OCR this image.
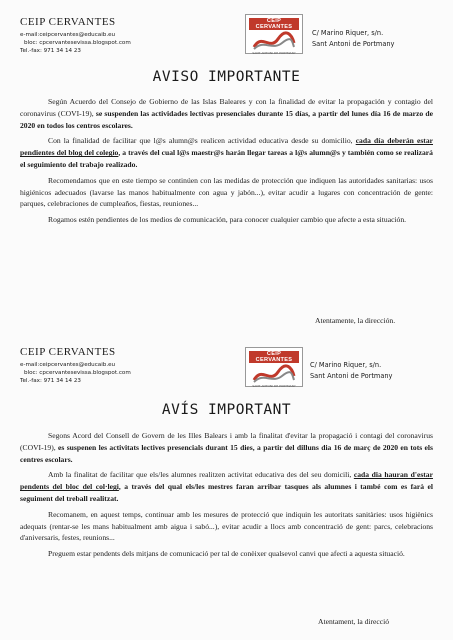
CEIP CERVANTES
e-mail:ceipcervantes@educaib.eu
bloc: cpcervantesevissa.blogspot.com
Tel.-fax: 971 34 14 23
CEIP CERVANTES
SANT ANTONI DE PORTMANY
C/ Marino Riquer, s/n.
Sant Antoni de Portmany
AVISO IMPORTANTE

Según Acuerdo del Consejo de Gobierno de las Islas Baleares y con la finalidad de evitar la propagación y contagio del coronavirus (COVI-19), se suspenden las actividades lectivas presenciales durante 15 días, a partir del lunes día 16 de marzo de 2020 en todos los centros escolares.

Con la finalidad de facilitar que l@s alumn@s realicen actividad educativa desde su domicilio, cada día deberán estar pendientes del blog del colegio, a través del cual l@s maestr@s harán llegar tareas a l@s alumn@s y también como se realizará el seguimiento del trabajo realizado.

Recomendamos que en este tiempo se continúen con las medidas de protección que indiquen las autoridades sanitarias: usos higiénicos adecuados (lavarse las manos habitualmente con agua y jabón...), evitar acudir a lugares con concentración de gente: parques, celebraciones de cumpleaños, fiestas, reuniones...

Rogamos estén pendientes de los medios de comunicación, para conocer cualquier cambio que afecte a esta situación.

Atentamente, la dirección.
CEIP CERVANTES
e-mail:ceipcervantes@educaib.eu
bloc: cpcervantesevissa.blogspot.com
Tel.-fax: 971 34 14 23
CEIP CERVANTES
SANT ANTONI DE PORTMANY
C/ Marino Riquer, s/n.
Sant Antoni de Portmany
AVÍS IMPORTANT

Segons Acord del Consell de Govern de les Illes Balears i amb la finalitat d'evitar la propagació i contagi del coronavirus (COVI-19), es suspenen les activitats lectives presencials durant 15 dies, a partir del dilluns dia 16 de març de 2020 en tots els centres escolars.

Amb la finalitat de facilitar que els/les alumnes realitzen activitat educativa des del seu domicili, cada dia hauran d'estar pendents del bloc del col·legi, a través del qual els/les mestres faran arribar tasques als alumnes i també com es farà el seguiment del treball realitzat.

Recomanem, en aquest temps, continuar amb les mesures de protecció que indiquin les autoritats sanitàries: usos higiènics adequats (rentar-se les mans habitualment amb aigua i sabó...), evitar acudir a llocs amb concentració de gent: parcs, celebracions d'aniversaris, festes, reunions...

Preguem estar pendents dels mitjans de comunicació per tal de conèixer qualsevol canvi que afecti a aquesta situació.

Atentament, la direcció
